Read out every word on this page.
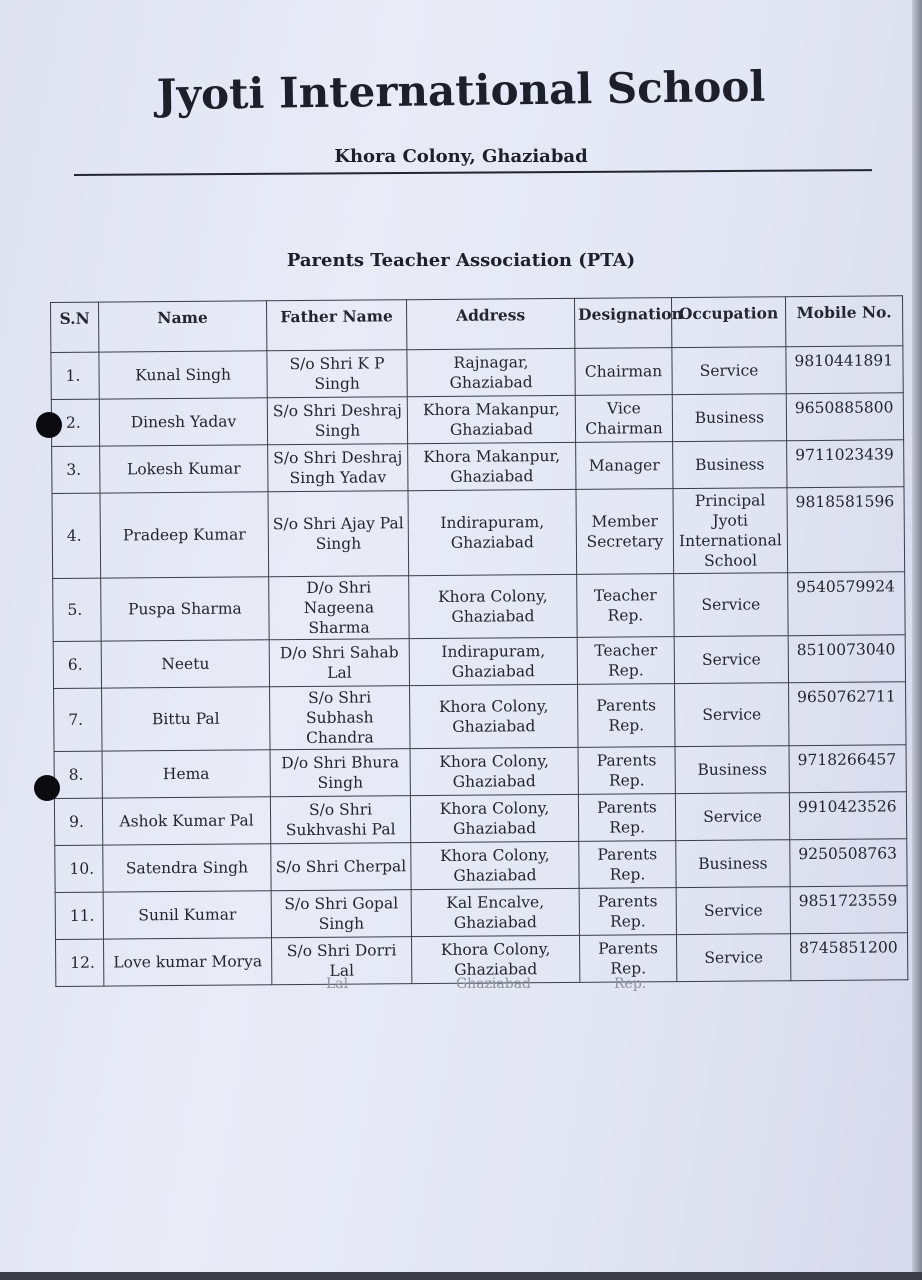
Jyoti International School
Khora Colony, Ghaziabad
Parents Teacher Association (PTA)
S.N	Name	Father Name	Address	Designation	Occupation	Mobile No.
1.	Kunal Singh	S/o Shri K P Singh	Rajnagar, Ghaziabad	Chairman	Service	9810441891
2.	Dinesh Yadav	S/o Shri Deshraj Singh	Khora Makanpur, Ghaziabad	Vice Chairman	Business	9650885800
3.	Lokesh Kumar	S/o Shri Deshraj Singh Yadav	Khora Makanpur, Ghaziabad	Manager	Business	9711023439
4.	Pradeep Kumar	S/o Shri Ajay Pal Singh	Indirapuram, Ghaziabad	Member Secretary	Principal Jyoti International School	9818581596
5.	Puspa Sharma	D/o Shri Nageena Sharma	Khora Colony, Ghaziabad	Teacher Rep.	Service	9540579924
6.	Neetu	D/o Shri Sahab Lal	Indirapuram, Ghaziabad	Teacher Rep.	Service	8510073040
7.	Bittu Pal	S/o Shri Subhash Chandra	Khora Colony, Ghaziabad	Parents Rep.	Service	9650762711
8.	Hema	D/o Shri Bhura Singh	Khora Colony, Ghaziabad	Parents Rep.	Business	9718266457
9.	Ashok Kumar Pal	S/o Shri Sukhvashi Pal	Khora Colony, Ghaziabad	Parents Rep.	Service	9910423526
10.	Satendra Singh	S/o Shri Cherpal	Khora Colony, Ghaziabad	Parents Rep.	Business	9250508763
11.	Sunil Kumar	S/o Shri Gopal Singh	Kal Encalve, Ghaziabad	Parents Rep.	Service	9851723559
12.	Love kumar Morya	S/o Shri Dorri Lal	Khora Colony, Ghaziabad	Parents Rep.	Service	8745851200
Lal	Ghaziabad	Rep.
